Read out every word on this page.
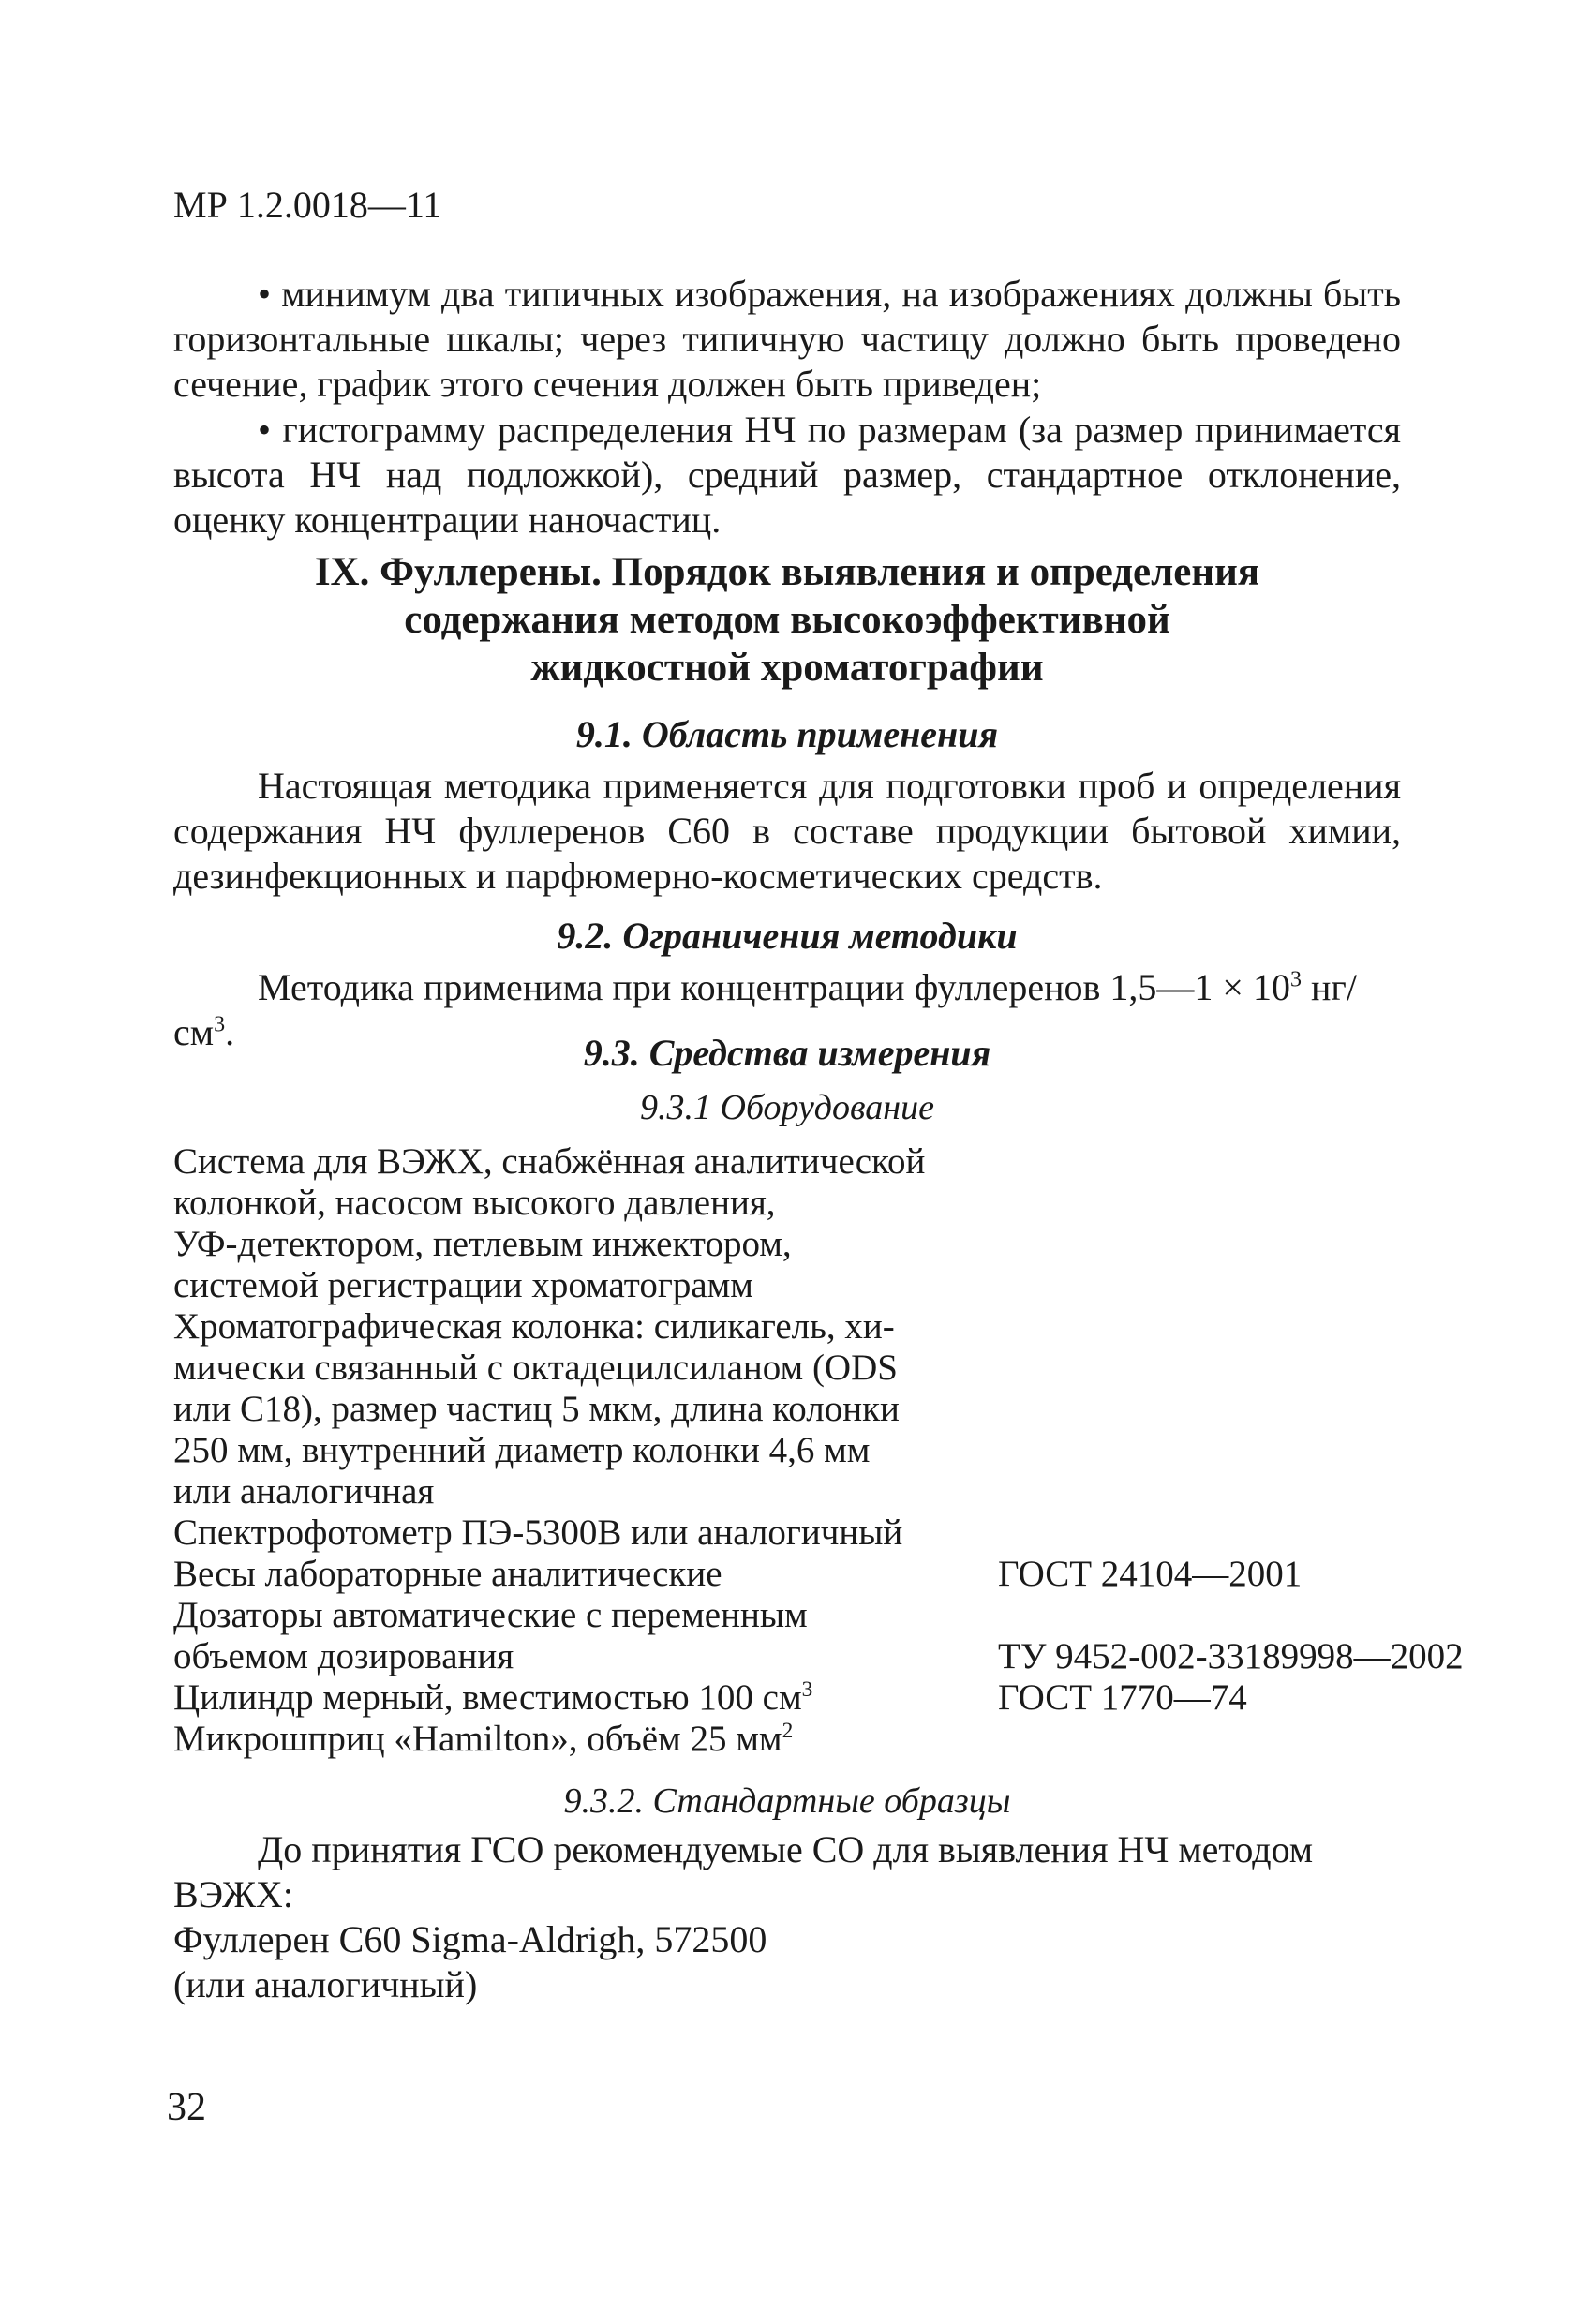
МР 1.2.0018—11
• минимум два типичных изображения, на изображениях должны быть горизонтальные шкалы; через типичную частицу должно быть проведено сечение, график этого сечения должен быть приведен;
• гистограмму распределения НЧ по размерам (за размер принимается высота НЧ над подложкой), средний размер, стандартное отклонение, оценку концентрации наночастиц.
IX. Фуллерены. Порядок выявления и определения
содержания методом высокоэффективной
жидкостной хроматографии
9.1. Область применения
Настоящая методика применяется для подготовки проб и определения содержания НЧ фуллеренов С60 в составе продукции бытовой химии, дезинфекционных и парфюмерно-косметических средств.
9.2. Ограничения методики
Методика применима при концентрации фуллеренов 1,5—1 × $10^3$ $нг/см^3$.	9.3. Средства измерения
9.3.1 Оборудование
Система для ВЭЖХ, снабжённая аналитической
колонкой, насосом высокого давления,
УФ-детектором, петлевым инжектором,
системой регистрации хроматограмм
Хроматографическая колонка: силикагель, хи-
мически связанный с октадецилсиланом (ODS
или С18), размер частиц 5 мкм, длина колонки
250 мм, внутренний диаметр колонки 4,6 мм
или аналогичная
Спектрофотометр ПЭ-5300В или аналогичный
Весы лабораторные аналитические	ГОСТ 24104—2001
Дозаторы автоматические с переменным
объемом дозирования	ТУ 9452-002-33189998—2002
Цилиндр мерный, вместимостью 100 $см^3$	ГОСТ 1770—74
Микрошприц «Hamilton», объём 25 $мм^2$
9.3.2. Стандартные образцы
До принятия ГСО рекомендуемые СО для выявления НЧ методом
ВЭЖХ:
Фуллерен С60 Sigma-Aldrigh, 572500
(или аналогичный)
32
